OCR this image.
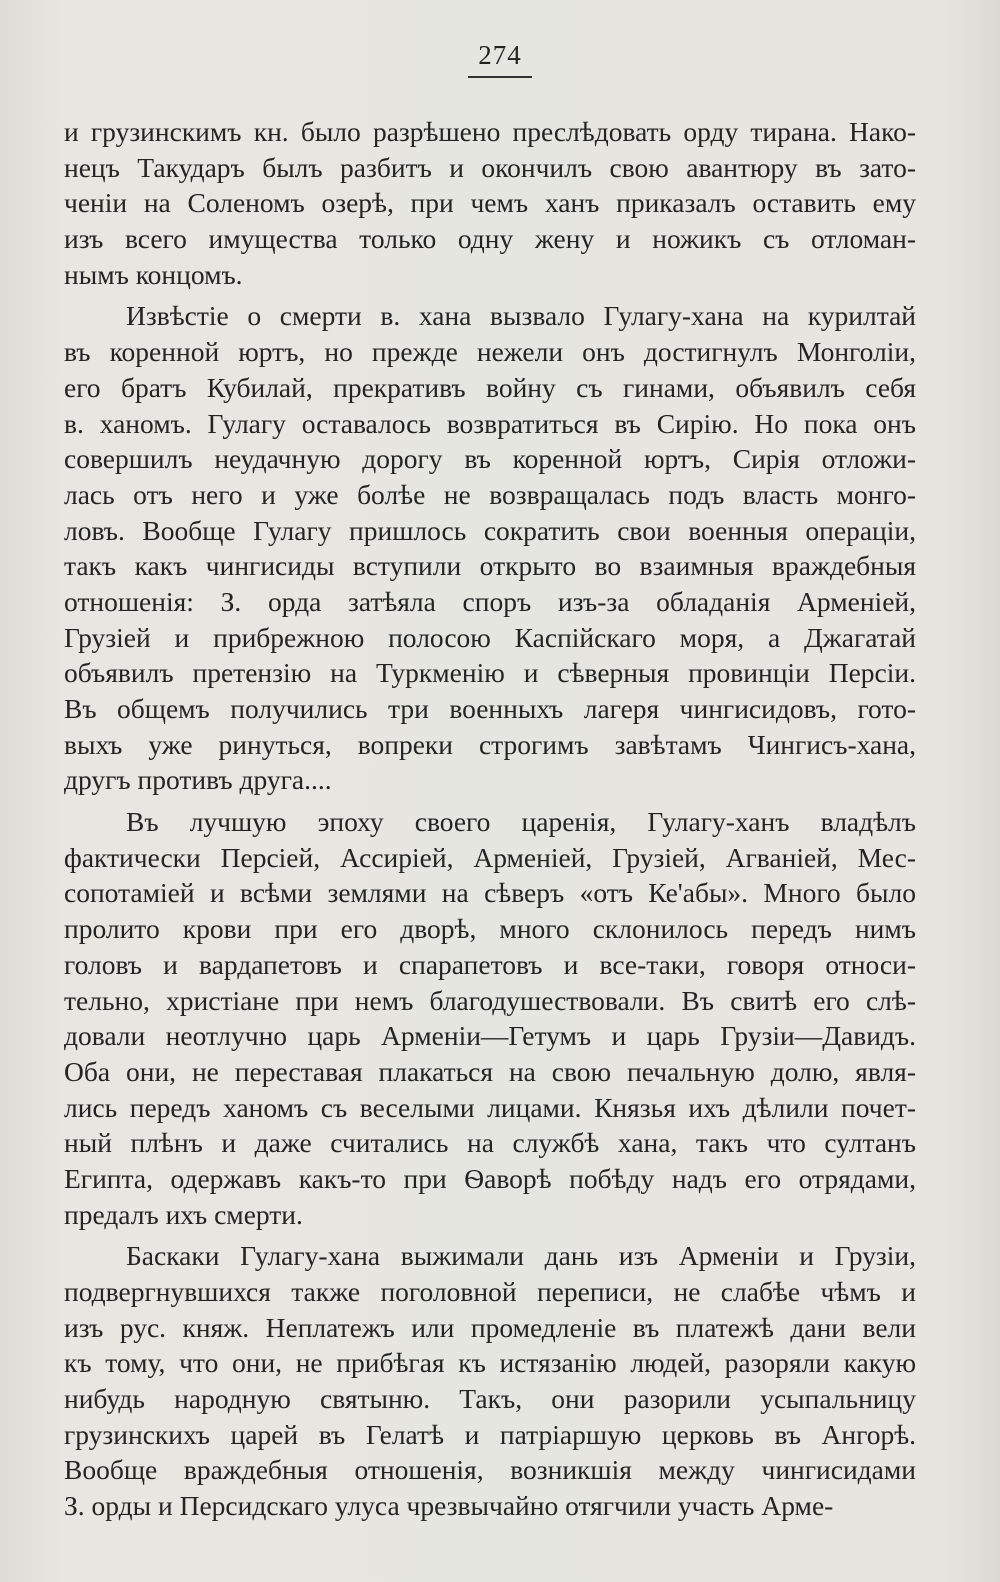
274
и грузинскимъ кн. было разрѣшено преслѣдовать орду тирана. Нако-
нецъ Такударъ былъ разбитъ и окончилъ свою авантюру въ зато-
ченіи на Соленомъ озерѣ, при чемъ ханъ приказалъ оставить ему
изъ всего имущества только одну жену и ножикъ съ отломан-
нымъ концомъ.
Извѣстіе о смерти в. хана вызвало Гулагу-хана на курилтай
въ коренной юртъ, но прежде нежели онъ достигнулъ Монголіи,
его братъ Кубилай, прекративъ войну съ гинами, объявилъ себя
в. ханомъ. Гулагу оставалось возвратиться въ Сирію. Но пока онъ
совершилъ неудачную дорогу въ коренной юртъ, Сирія отложи-
лась отъ него и уже болѣе не возвращалась подъ власть монго-
ловъ. Вообще Гулагу пришлось сократить свои военныя операціи,
такъ какъ чингисиды вступили открыто во взаимныя враждебныя
отношенія: З. орда затѣяла споръ изъ-за обладанія Арменіей,
Грузіей и прибрежною полосою Каспійскаго моря, а Джагатай
объявилъ претензію на Туркменію и сѣверныя провинціи Персіи.
Въ общемъ получились три военныхъ лагеря чингисидовъ, гото-
выхъ уже ринуться, вопреки строгимъ завѣтамъ Чингисъ-хана,
другъ противъ друга....
Въ лучшую эпоху своего царенія, Гулагу-ханъ владѣлъ
фактически Персіей, Ассиріей, Арменіей, Грузіей, Агваніей, Мес-
сопотаміей и всѣми землями на сѣверъ «отъ Ке'абы». Много было
пролито крови при его дворѣ, много склонилось передъ нимъ
головъ и вардапетовъ и спарапетовъ и все-таки, говоря относи-
тельно, христіане при немъ благодушествовали. Въ свитѣ его слѣ-
довали неотлучно царь Арменіи—Гетумъ и царь Грузіи—Давидъ.
Оба они, не переставая плакаться на свою печальную долю, явля-
лись передъ ханомъ съ веселыми лицами. Князья ихъ дѣлили почет-
ный плѣнъ и даже считались на службѣ хана, такъ что султанъ
Египта, одержавъ какъ-то при Ѳаворѣ побѣду надъ его отрядами,
предалъ ихъ смерти.
Баскаки Гулагу-хана выжимали дань изъ Арменіи и Грузіи,
подвергнувшихся также поголовной переписи, не слабѣе чѣмъ и
изъ рус. княж. Неплатежъ или промедленіе въ платежѣ дани вели
къ тому, что они, не прибѣгая къ истязанію людей, разоряли какую
нибудь народную святыню. Такъ, они разорили усыпальницу
грузинскихъ царей въ Гелатѣ и патріаршую церковь въ Ангорѣ.
Вообще враждебныя отношенія, возникшія между чингисидами
З. орды и Персидскаго улуса чрезвычайно отягчили участь Арме-
